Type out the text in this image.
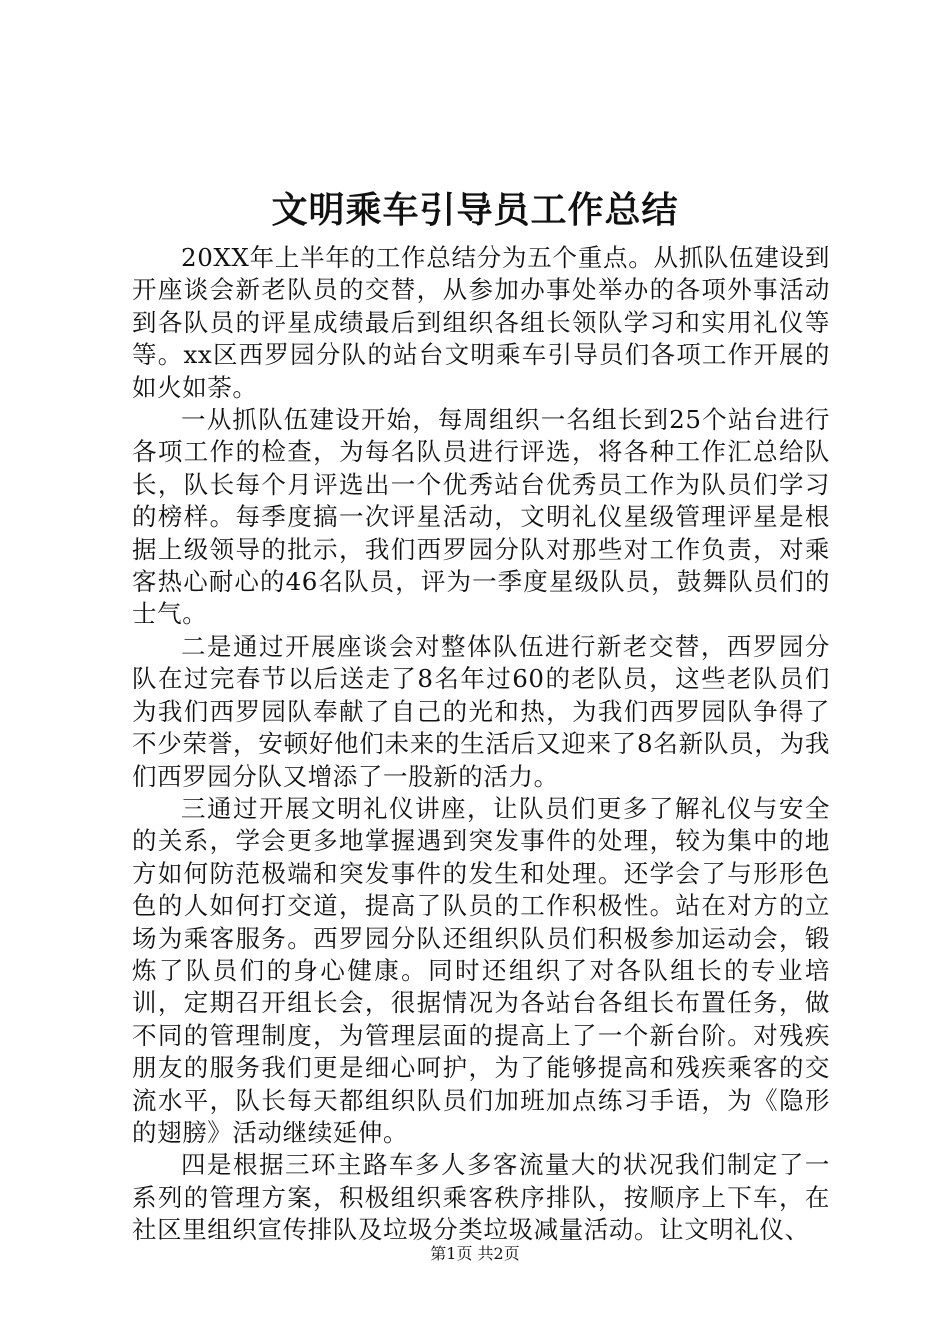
文明乘车引导员工作总结

20XX年上半年的工作总结分为五个重点。从抓队伍建设到开座谈会新老队员的交替，从参加办事处举办的各项外事活动到各队员的评星成绩最后到组织各组长领队学习和实用礼仪等等。xx区西罗园分队的站台文明乘车引导员们各项工作开展的如火如荼。

一从抓队伍建设开始，每周组织一名组长到25个站台进行各项工作的检查，为每名队员进行评选，将各种工作汇总给队长，队长每个月评选出一个优秀站台优秀员工作为队员们学习的榜样。每季度搞一次评星活动，文明礼仪星级管理评星是根据上级领导的批示，我们西罗园分队对那些对工作负责，对乘客热心耐心的46名队员，评为一季度星级队员，鼓舞队员们的士气。

二是通过开展座谈会对整体队伍进行新老交替，西罗园分队在过完春节以后送走了8名年过60的老队员，这些老队员们为我们西罗园队奉献了自己的光和热，为我们西罗园队争得了不少荣誉，安顿好他们未来的生活后又迎来了8名新队员，为我们西罗园分队又增添了一股新的活力。

三通过开展文明礼仪讲座，让队员们更多了解礼仪与安全的关系，学会更多地掌握遇到突发事件的处理，较为集中的地方如何防范极端和突发事件的发生和处理。还学会了与形形色色的人如何打交道，提高了队员的工作积极性。站在对方的立场为乘客服务。西罗园分队还组织队员们积极参加运动会，锻炼了队员们的身心健康。同时还组织了对各队组长的专业培训，定期召开组长会，很据情况为各站台各组长布置任务，做不同的管理制度，为管理层面的提高上了一个新台阶。对残疾朋友的服务我们更是细心呵护，为了能够提高和残疾乘客的交流水平，队长每天都组织队员们加班加点练习手语，为《隐形的翅膀》活动继续延伸。

四是根据三环主路车多人多客流量大的状况我们制定了一系列的管理方案，积极组织乘客秩序排队，按顺序上下车，在社区里组织宣传排队及垃圾分类垃圾减量活动。让文明礼仪、

第1页 共2页
